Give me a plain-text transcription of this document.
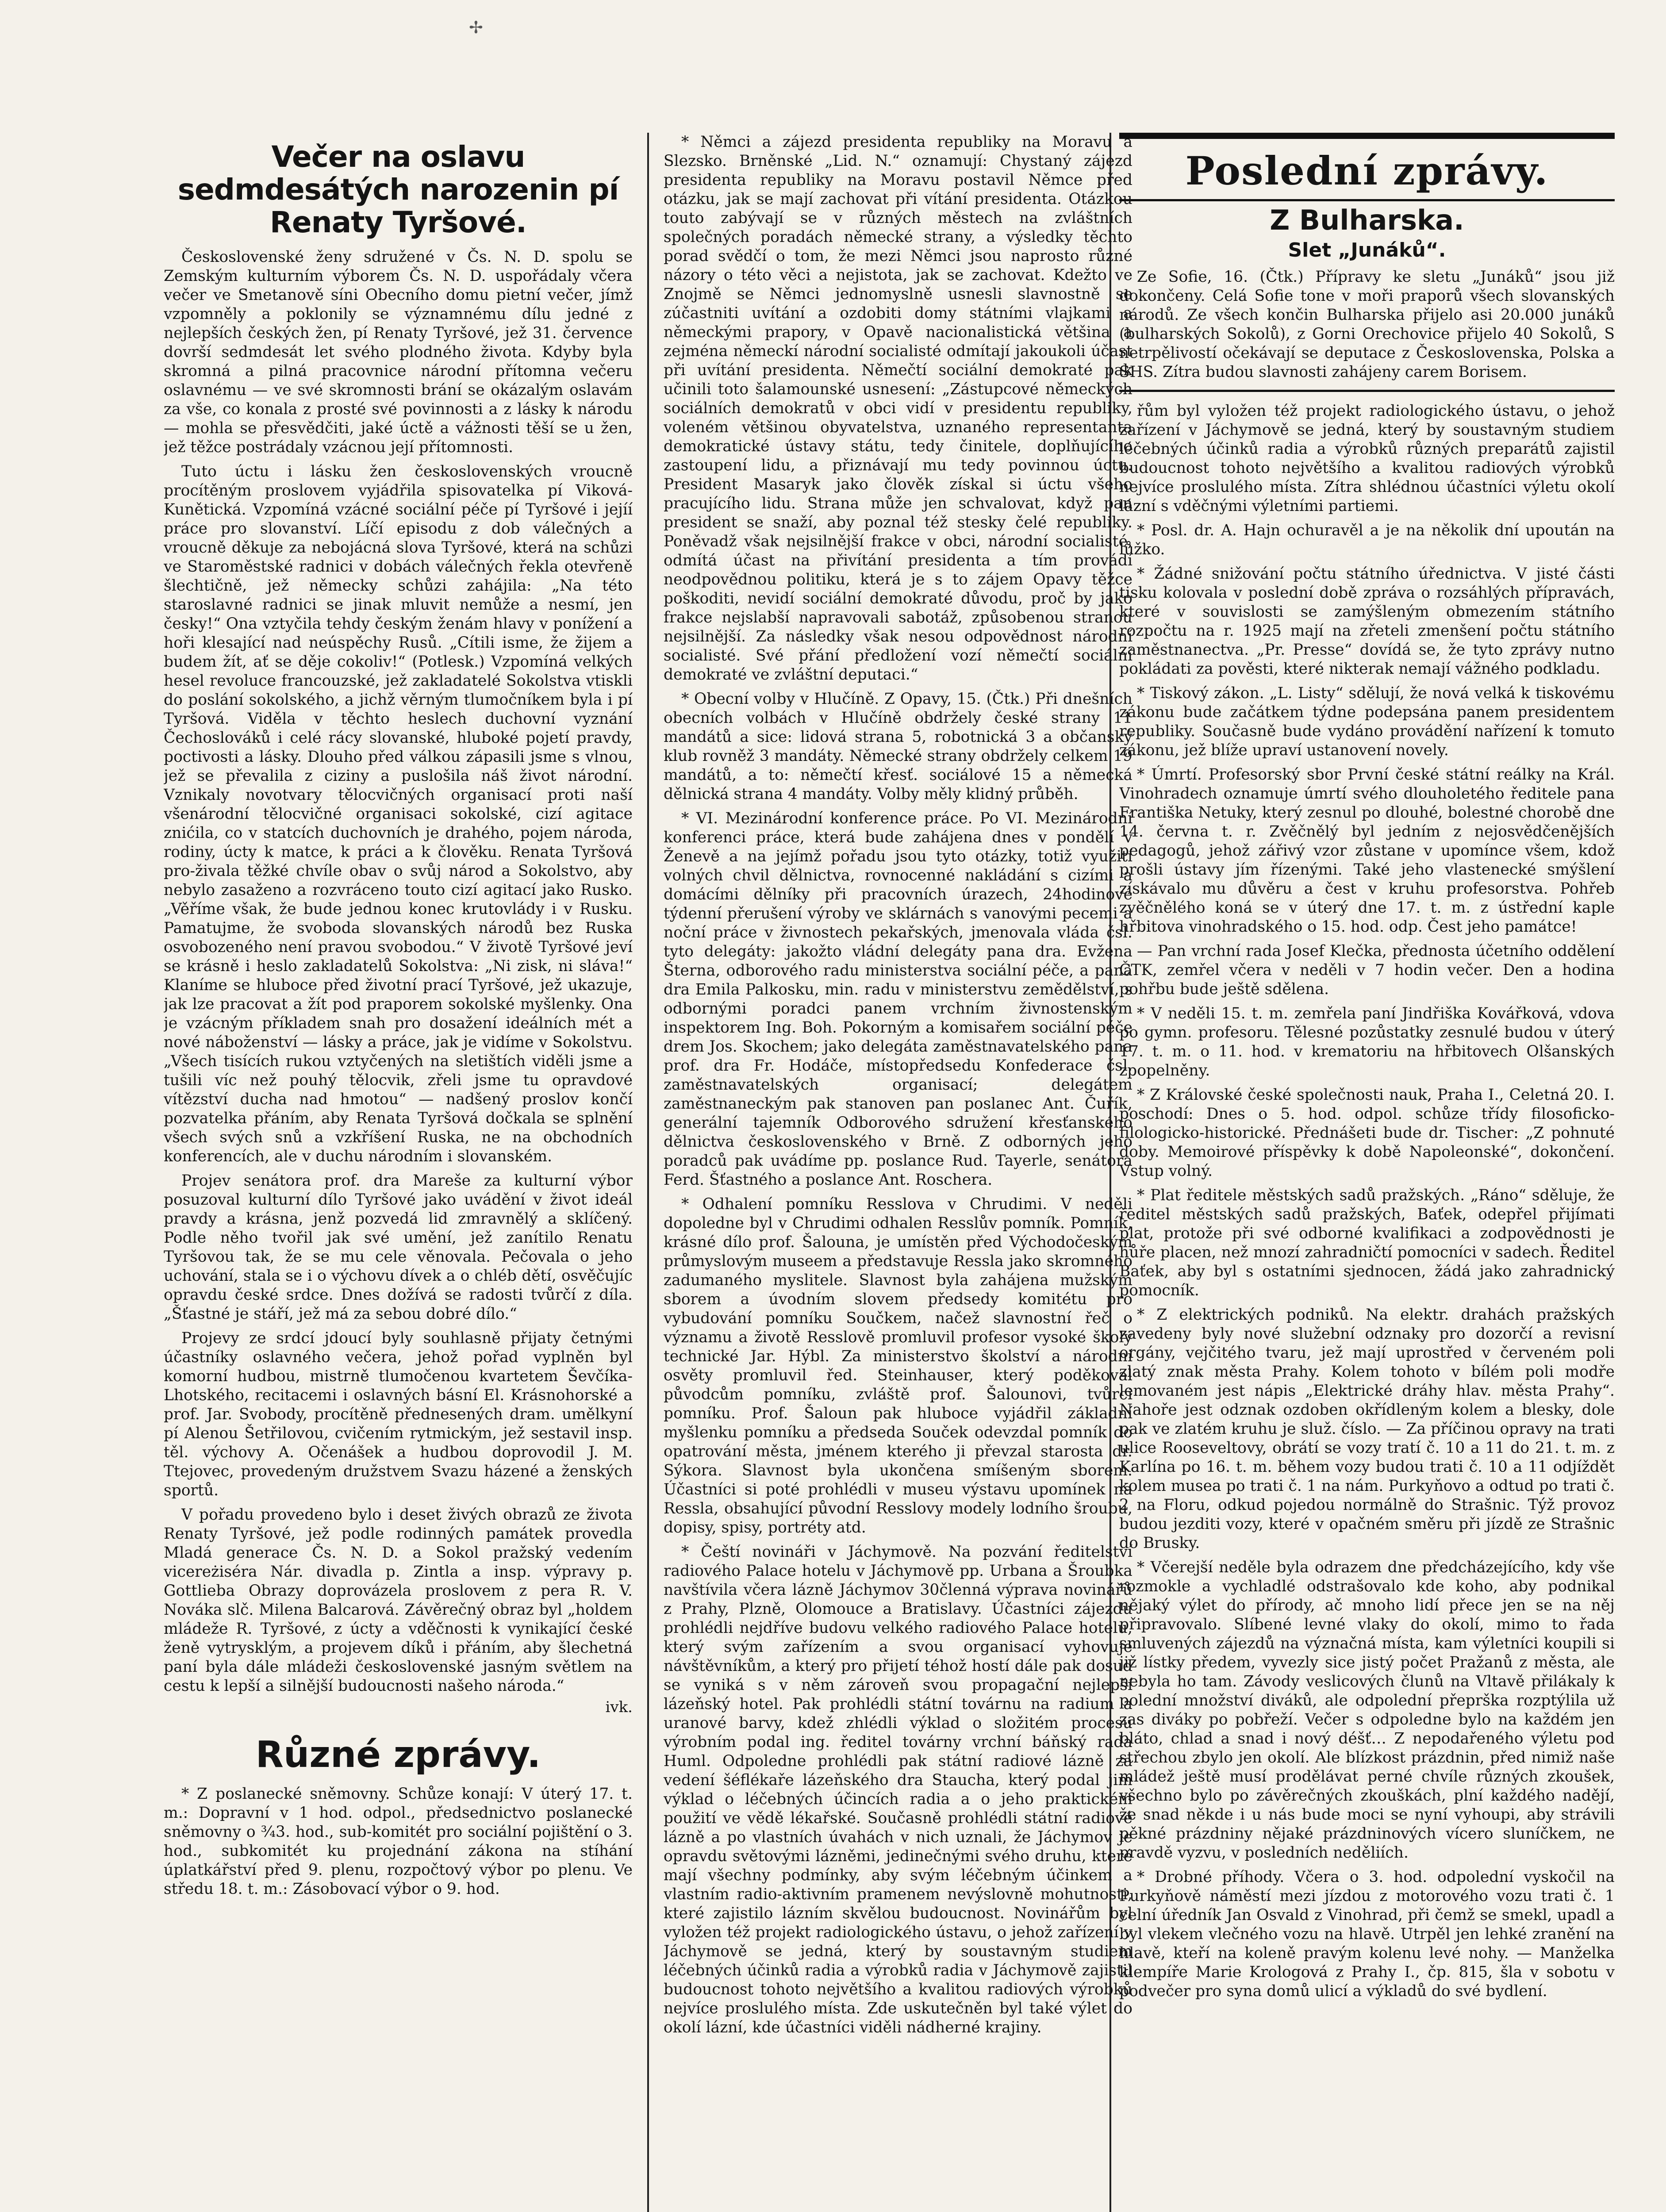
✢
Večer na oslavu sedmdesátých narozenin pí Renaty Tyršové.

Československé ženy sdružené v Čs. N. D. spolu se Zemským kulturním výborem Čs. N. D. uspořádaly včera večer ve Smetanově síni Obecního domu pietní večer, jímž vzpomněly a poklonily se významnému dílu jedné z nejlepších českých žen, pí Renaty Tyršové, jež 31. července dovrší sedmdesát let svého plodného života. Kdyby byla skromná a pilná pracovnice národní přítomna večeru oslavnému — ve své skromnosti brání se okázalým oslavám za vše, co konala z prosté své povinnosti a z lásky k národu — mohla se přesvědčiti, jaké úctě a vážnosti těší se u žen, jež těžce postrádaly vzácnou její přítomnosti.

Tuto úctu i lásku žen československých vroucně procítěným proslovem vyjádřila spisovatelka pí Viková-Kunětická. Vzpomíná vzácné sociální péče pí Tyršové i jejíí práce pro slovanství. Líčí episodu z dob válečných a vroucně děkuje za nebojácná slova Tyršové, která na schůzi ve Staroměstské radnici v dobách válečných řekla otevřeně šlechtičně, jež německy schůzi zahájila: „Na této staroslavné radnici se jinak mluvit nemůže a nesmí, jen česky!“ Ona vztyčila tehdy českým ženám hlavy v ponížení a hoři klesající nad neúspěchy Rusů. „Cítili isme, že žijem a budem žít, ať se děje cokoliv!“ (Potlesk.) Vzpomíná velkých hesel revoluce francouzské, jež zakladatelé Sokolstva vtiskli do poslání sokolského, a jichž věrným tlumočníkem byla i pí Tyršová. Viděla v těchto heslech duchovní vyznání Čechoslováků i celé rácy slovanské, hluboké pojetí pravdy, poctivosti a lásky. Dlouho před válkou zápasili jsme s vlnou, jež se převalila z ciziny a puslošila náš život národní. Vznikaly novotvary tělocvičných organisací proti naší všenárodní tělocvičné organisaci sokolské, cizí agitace znićila, co v statcích duchovních je drahého, pojem národa, rodiny, úcty k matce, k práci a k člověku. Renata Tyršová pro-živala těžké chvíle obav o svůj národ a Sokolstvo, aby nebylo zasaženo a rozvráceno touto cizí agitací jako Rusko. „Věříme však, že bude jednou konec krutovlády i v Rusku. Pamatujme, že svoboda slovanských národů bez Ruska osvobozeného není pravou svobodou.“ V životě Tyršové jeví se krásně i heslo zakladatelů Sokolstva: „Ni zisk, ni sláva!“ Klaníme se hluboce před životní prací Tyršové, jež ukazuje, jak lze pracovat a žít pod praporem sokolské myšlenky. Ona je vzácným příkladem snah pro dosažení ideálních mét a nové náboženství — lásky a práce, jak je vidíme v Sokolstvu. „Všech tisících rukou vztyčených na sletištích viděli jsme a tušili víc než pouhý tělocvik, zřeli jsme tu opravdové vítězství ducha nad hmotou“ — nadšený proslov končí pozvatelka přáním, aby Renata Tyršová dočkala se splnění všech svých snů a vzkříšení Ruska, ne na obchodních konferencích, ale v duchu národním i slovanském.

Projev senátora prof. dra Mareše za kulturní výbor posuzoval kulturní dílo Tyršové jako uvádění v život ideál pravdy a krásna, jenž pozvedá lid zmravnělý a sklíčený. Podle něho tvořil jak své umění, jež zanítilo Renatu Tyršovou tak, že se mu cele věnovala. Pečovala o jeho uchování, stala se i o výchovu dívek a o chléb dětí, osvěčujíc opravdu české srdce. Dnes dožívá se radosti tvůrčí z díla. „Šťastné je stáří, jež má za sebou dobré dílo.“

Projevy ze srdcí jdoucí byly souhlasně přijaty četnými účastníky oslavného večera, jehož pořad vyplněn byl komorní hudbou, mistrně tlumočenou kvartetem Ševčíka-Lhotského, recitacemi i oslavných básní El. Krásnohorské a prof. Jar. Svobody, procítěně přednesených dram. umělkyní pí Alenou Šetřilovou, cvičením rytmickým, jež sestavil insp. těl. výchovy A. Očenášek a hudbou doprovodil J. M. Ttejovec, provedeným družstvem Svazu házené a ženských sportů.

V pořadu provedeno bylo i deset živých obrazů ze života Renaty Tyršové, jež podle rodinných památek provedla Mladá generace Čs. N. D. a Sokol pražský vedením vicereżiséra Nár. divadla p. Zintla a insp. výpravy p. Gottlieba Obrazy doprovázela proslovem z pera R. V. Nováka slč. Milena Balcarová. Závěrečný obraz byl „holdem mládeže R. Tyršové, z úcty a vděčnosti k vynikající české ženě vytrysklým, a projevem díků i přáním, aby šlechetná paní byla dále mládeži československé jasným světlem na cestu k lepší a silnější budoucnosti našeho národa.“

ivk.
Různé zprávy.

* Z poslanecké sněmovny. Schůze konají: V úterý 17. t. m.: Dopravní v 1 hod. odpol., předsednictvo poslanecké sněmovny o ¾3. hod., sub-komitét pro sociální pojištění o 3. hod., subkomitét ku projednání zákona na stíhání úplatkářství před 9. plenu, rozpočtový výbor po plenu. Ve středu 18. t. m.: Zásobovací výbor o 9. hod.

* Němci a zájezd presidenta republiky na Moravu a Slezsko. Brněnské „Lid. N.“ oznamují: Chystaný zájezd presidenta republiky na Moravu postavil Němce před otázku, jak se mají zachovat při vítání presidenta. Otázkou touto zabývají se v různých městech na zvláštních společných poradách německé strany, a výsledky těchto porad svědčí o tom, že mezi Němci jsou naprosto různé názory o této věci a nejistota, jak se zachovat. Kdežto ve Znojmě se Němci jednomyslně usnesli slavnostně se zúčastniti uvítání a ozdobiti domy státními vlajkami a německými prapory, v Opavě nacionalistická většina a zejména německí národní socialisté odmítají jakoukoli účast při uvítání presidenta. Němečtí sociální demokraté pak učinili toto šalamounské usnesení: „Zástupcové německých sociálních demokratů v obci vidí v presidentu republiky, voleném většinou obyvatelstva, uznaného representanta demokratické ústavy státu, tedy činitele, doplňujícího zastoupení lidu, a přiznávají mu tedy povinnou úctu. President Masaryk jako člověk získal si úctu všeho pracujícího lidu. Strana může jen schvalovat, když pan president se snaží, aby poznal též stesky čelé republiky. Poněvadž však nejsilnější frakce v obci, národní socialisté, odmítá účast na přivítání presidenta a tím provádí neodpovědnou politiku, která je s to zájem Opavy těžce poškoditi, nevidí sociální demokraté důvodu, proč by jako frakce nejslabší napravovali sabotáž, způsobenou stranou nejsilnější. Za následky však nesou odpovědnost národní socialisté. Své přání předložení vozí němečtí sociální demokraté ve zvláštní deputaci.“

* Obecní volby v Hlučíně. Z Opavy, 15. (Čtk.) Při dnešních obecních volbách v Hlučíně obdržely české strany 11 mandátů a sice: lidová strana 5, robotnická 3 a občanský klub rovněž 3 mandáty. Německé strany obdržely celkem 19 mandátů, a to: němečtí křesť. sociálové 15 a německá dělnická strana 4 mandáty. Volby měly klidný průběh.

* VI. Mezinárodní konference práce. Po VI. Mezinárodní konferenci práce, která bude zahájena dnes v pondělí v Ženevě a na jejímž pořadu jsou tyto otázky, totiž využití volných chvil dělnictva, rovnocenné nakládání s cizími a domácími dělníky při pracovních úrazech, 24hodinové týdenní přerušení výroby ve sklárnách s vanovými pecemi a noční práce v živnostech pekařských, jmenovala vláda čsl. tyto delegáty: jakožto vládní delegáty pana dra. Evžena Šterna, odborového radu ministerstva sociální péče, a pana dra Emila Palkosku, min. radu v ministerstvu zemědělství, s odbornými poradci panem vrchním živnostenským inspektorem Ing. Boh. Pokorným a komisařem sociální péče drem Jos. Skochem; jako delegáta zaměstnavatelského pana prof. dra Fr. Hodáče, místopředsedu Konfederace čsl. zaměstnavatelských organisací; delegátem zaměstnaneckým pak stanoven pan poslanec Ant. Čuřík, generální tajemník Odborového sdružení křesťanského dělnictva československého v Brně. Z odborných jeho poradců pak uvádíme pp. poslance Rud. Tayerle, senátora Ferd. Šťastného a poslance Ant. Roschera.

* Odhalení pomníku Resslova v Chrudimi. V neděli dopoledne byl v Chrudimi odhalen Resslův pomník. Pomník, krásné dílo prof. Šalouna, je umístěn před Východočeským průmyslovým museem a představuje Ressla jako skromného zadumaného myslitele. Slavnost byla zahájena mužským sborem a úvodním slovem předsedy komitétu pro vybudování pomníku Součkem, načež slavnostní řeč o významu a životě Resslově promluvil profesor vysoké školy technické Jar. Hýbl. Za ministerstvo školství a národní osvěty promluvil řed. Steinhauser, který poděkoval původcům pomníku, zvláště prof. Šalounovi, tvůrci pomníku. Prof. Šaloun pak hluboce vyjádřil základní myšlenku pomníku a předseda Souček odevzdal pomník do opatrování města, jménem kterého ji převzal starosta dr. Sýkora. Slavnost byla ukončena smíšeným sborem. Účastníci si poté prohlédli v museu výstavu upomínek na Ressla, obsahující původní Resslovy modely lodního šroubu, dopisy, spisy, portréty atd.

* Čeští novináři v Jáchymově. Na pozvání ředitelství radiového Palace hotelu v Jáchymově pp. Urbana a Šroubka navštívila včera lázně Jáchymov 30členná výprava novinářů z Prahy, Plzně, Olomouce a Bratislavy. Účastníci zájezdu prohlédli nejdříve budovu velkého radiového Palace hotelu, který svým zařízením a svou organisací vyhovuje návštěvníkům, a který pro přijetí téhož hostí dále pak dosud se vyniká s v něm zároveň svou propagační nejlepší lázeňský hotel. Pak prohlédli státní továrnu na radium a uranové barvy, kdež zhlédli výklad o složitém procesu výrobním podal ing. ředitel továrny vrchní báňský rada Huml. Odpoledne prohlédli pak státní radiové lázně za vedení šéflékaře lázeňského dra Staucha, který podal jim výklad o léčebných účincích radia a o jeho praktickém použití ve vědě lékařské. Současně prohlédli státní radiové lázně a po vlastních úvahách v nich uznali, že Jáchymov je opravdu světovými lázněmi, jedinečnými svého druhu, které mají všechny podmínky, aby svým léčebným účinkem a vlastním radio-aktivním pramenem nevýslovně mohutnosti, které zajistilo lázním skvělou budoucnost. Novinářům byl vyložen též projekt radiologického ústavu, o jehož zařízení v Jáchymově se jedná, který by soustavným studiem léčebných účinků radia a výrobků radia v Jáchymově zajistil budoucnost tohoto největšího a kvalitou radiových výrobků nejvíce proslulého místa. Zde uskutečněn byl také výlet do okolí lázní, kde účastníci viděli nádherné krajiny.

Poslední zprávy.
Z Bulharska.
Slet „Junáků“.

Ze Sofie, 16. (Čtk.) Přípravy ke sletu „Junáků“ jsou již dokončeny. Celá Sofie tone v moři praporů všech slovanských národů. Ze všech končin Bulharska přijelo asi 20.000 junáků (bulharských Sokolů), z Gorni Orechovice přijelo 40 Sokolů, S netrpělivostí očekávají se deputace z Československa, Polska a SHS. Zítra budou slavnosti zahájeny carem Borisem.

řům byl vyložen též projekt radiologického ústavu, o jehož zařízení v Jáchymově se jedná, který by soustavným studiem léčebných účinků radia a výrobků různých preparátů zajistil budoucnost tohoto největšího a kvalitou radiových výrobků nejvíce proslulého místa. Zítra shlédnou účastníci výletu okolí lázní s vděčnými výletními partiemi.

* Posl. dr. A. Hajn ochuravěl a je na několik dní upoután na lůžko.

* Žádné snižování počtu státního úřednictva. V jisté části tisku kolovala v poslední době zpráva o rozsáhlých přípravách, které v souvislosti se zamýšleným obmezením státního rozpočtu na r. 1925 mají na zřeteli zmenšení počtu státního zaměstnanectva. „Pr. Presse“ dovídá se, že tyto zprávy nutno pokládati za pověsti, které nikterak nemají vážného podkladu.

* Tiskový zákon. „L. Listy“ sdělují, že nová velká k tiskovému zákonu bude začátkem týdne podepsána panem presidentem republiky. Současně bude vydáno provádění nařízení k tomuto zákonu, jež blíže upraví ustanovení novely.

* Úmrtí. Profesorský sbor První české státní reálky na Král. Vinohradech oznamuje úmrtí svého dlouholetého ředitele pana Františka Netuky, který zesnul po dlouhé, bolestné chorobě dne 14. června t. r. Zvěčnělý byl jedním z nejosvědčenějších pedagogů, jehož zářivý vzor zůstane v upomínce všem, kdož prošli ústavy jím řízenými. Také jeho vlastenecké smýšlení získávalo mu důvěru a čest v kruhu profesorstva. Pohřeb zvěčnělého koná se v úterý dne 17. t. m. z ústřední kaple hřbitova vinohradského o 15. hod. odp. Čest jeho památce!

— Pan vrchní rada Josef Klečka, přednosta účetního oddělení ČTK, zemřel včera v neděli v 7 hodin večer. Den a hodina pohřbu bude ještě sdělena.

* V neděli 15. t. m. zemřela paní Jindřiška Kovářková, vdova po gymn. profesoru. Tělesné pozůstatky zesnulé budou v úterý 17. t. m. o 11. hod. v krematoriu na hřbitovech Olšanských zpopelněny.

* Z Královské české společnosti nauk, Praha I., Celetná 20. I. poschodí: Dnes o 5. hod. odpol. schůze třídy filosoficko-filologicko-historické. Přednášeti bude dr. Tischer: „Z pohnuté doby. Memoirové příspěvky k době Napoleonské“, dokončení. Vstup volný.

* Plat ředitele městských sadů pražských. „Ráno“ sděluje, že ředitel městských sadů pražských, Baťek, odepřel přijímati plat, protože při své odborné kvalifikaci a zodpovědnosti je hůře placen, než mnozí zahradničtí pomocníci v sadech. Ředitel Baťek, aby byl s ostatními sjednocen, žádá jako zahradnický pomocník.

* Z elektrických podniků. Na elektr. drahách pražských zavedeny byly nové služební odznaky pro dozorčí a revisní orgány, vejčitého tvaru, jež mají uprostřed v červeném poli zlatý znak města Prahy. Kolem tohoto v bílém poli modře lemovaném jest nápis „Elektrické dráhy hlav. města Prahy“. Nahoře jest odznak ozdoben okřídleným kolem a blesky, dole pak ve zlatém kruhu je služ. číslo. — Za příčinou opravy na trati ulice Rooseveltovy, obrátí se vozy tratí č. 10 a 11 do 21. t. m. z Karlína po 16. t. m. během vozy budou trati č. 10 a 11 odjíždět kolem musea po trati č. 1 na nám. Purkyňovo a odtud po trati č. 2 na Floru, odkud pojedou normálně do Strašnic. Týž provoz budou jezditi vozy, které v opačném směru při jízdě ze Strašnic do Brusky.

* Včerejší neděle byla odrazem dne předcházejícího, kdy vše rozmokle a vychladlé odstrašovalo kde koho, aby podnikal nějaký výlet do přírody, ač mnoho lidí přece jen se na něj připravovalo. Slíbené levné vlaky do okolí, mimo to řada smluvených zájezdů na význačná místa, kam výletníci koupili si již lístky předem, vyvezly sice jistý počet Pražanů z města, ale nebyla ho tam. Závody veslicových člunů na Vltavě přilákaly k polední množství diváků, ale odpolední přeprška rozptýlila už zas diváky po pobřeží. Večer s odpoledne bylo na každém jen bláto, chlad a snad i nový déšť… Z nepodařeného výletu pod střechou zbylo jen okolí. Ale blízkost prázdnin, před nimiž naše mládež ještě musí prodělávat perné chvíle různých zkoušek, všechno bylo po závěrečných zkouškách, plní každého nadějí, že snad někde i u nás bude moci se nyní vyhoupi, aby strávili pěkné prázdniny nějaké prázdninových vícero sluníčkem, ne pravdě vyzvu, v posledních neděliích.

* Drobné příhody. Včera o 3. hod. odpolední vyskočil na Purkyňově náměstí mezi jízdou z motorového vozu trati č. 1 celní úředník Jan Osvald z Vinohrad, při čemž se smekl, upadl a byl vlekem vlečného vozu na hlavě. Utrpěl jen lehké zranění na hlavě, kteří na koleně pravým kolenu levé nohy. — Manželka klempíře Marie Krologová z Prahy I., čp. 815, šla v sobotu v podvečer pro syna domů ulicí a výkladů do své bydlení.
